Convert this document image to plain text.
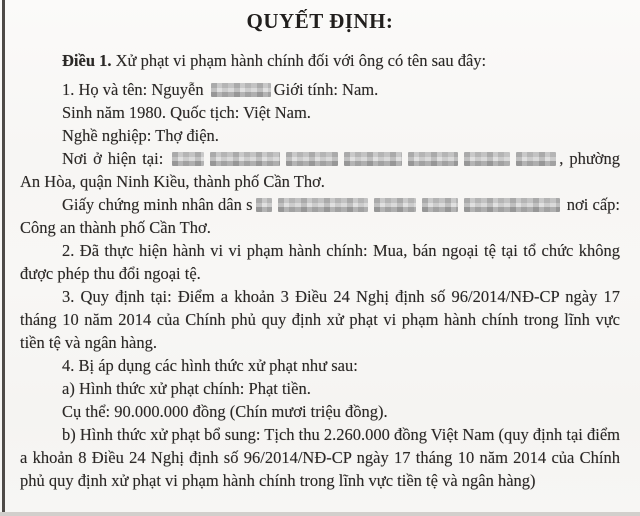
QUYẾT ĐỊNH:

Điều 1. Xử phạt vi phạm hành chính đối với ông có tên sau đây:

1. Họ và tên: Nguyễn	Giới tính: Nam.

Sinh năm 1980. Quốc tịch: Việt Nam.

Nghề nghiệp: Thợ điện.

Nơi ở hiện tại:	, phường An Hòa, quận Ninh Kiều, thành phố Cần Thơ.

Giấy chứng minh nhân dân s	nơi cấp: Công an thành phố Cần Thơ.

2. Đã thực hiện hành vi vi phạm hành chính: Mua, bán ngoại tệ tại tổ chức không được phép thu đổi ngoại tệ.

3. Quy định tại: Điểm a khoản 3 Điều 24 Nghị định số 96/2014/NĐ-CP ngày 17 tháng 10 năm 2014 của Chính phủ quy định xử phạt vi phạm hành chính trong lĩnh vực tiền tệ và ngân hàng.

4. Bị áp dụng các hình thức xử phạt như sau:

a) Hình thức xử phạt chính: Phạt tiền.

Cụ thể: 90.000.000 đồng (Chín mươi triệu đồng).

b) Hình thức xử phạt bổ sung: Tịch thu 2.260.000 đồng Việt Nam (quy định tại điểm a khoản 8 Điều 24 Nghị định số 96/2014/NĐ-CP ngày 17 tháng 10 năm 2014 của Chính phủ quy định xử phạt vi phạm hành chính trong lĩnh vực tiền tệ và ngân hàng)
